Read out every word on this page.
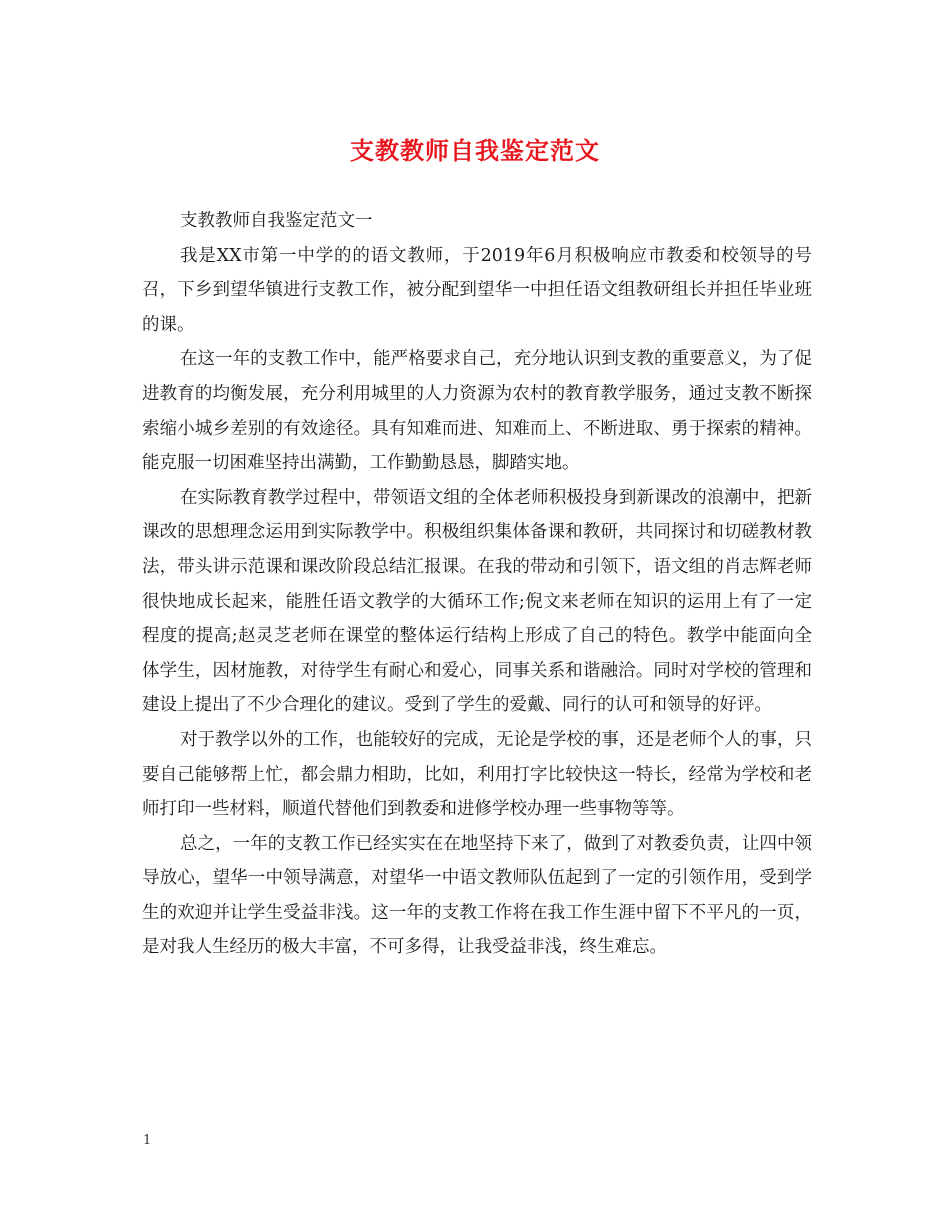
支教教师自我鉴定范文

支教教师自我鉴定范文一

我是XX市第一中学的的语文教师，于2019年6月积极响应市教委和校领导的号召，下乡到望华镇进行支教工作，被分配到望华一中担任语文组教研组长并担任毕业班的课。

在这一年的支教工作中，能严格要求自己，充分地认识到支教的重要意义，为了促进教育的均衡发展，充分利用城里的人力资源为农村的教育教学服务，通过支教不断探索缩小城乡差别的有效途径。具有知难而进、知难而上、不断进取、勇于探索的精神。能克服一切困难坚持出满勤，工作勤勤恳恳，脚踏实地。

在实际教育教学过程中，带领语文组的全体老师积极投身到新课改的浪潮中，把新课改的思想理念运用到实际教学中。积极组织集体备课和教研，共同探讨和切磋教材教法，带头讲示范课和课改阶段总结汇报课。在我的带动和引领下，语文组的肖志辉老师很快地成长起来，能胜任语文教学的大循环工作;倪文来老师在知识的运用上有了一定程度的提高;赵灵芝老师在课堂的整体运行结构上形成了自己的特色。教学中能面向全体学生，因材施教，对待学生有耐心和爱心，同事关系和谐融洽。同时对学校的管理和建设上提出了不少合理化的建议。受到了学生的爱戴、同行的认可和领导的好评。

对于教学以外的工作，也能较好的完成，无论是学校的事，还是老师个人的事，只要自己能够帮上忙，都会鼎力相助，比如，利用打字比较快这一特长，经常为学校和老师打印一些材料，顺道代替他们到教委和进修学校办理一些事物等等。

总之，一年的支教工作已经实实在在地坚持下来了，做到了对教委负责，让四中领导放心，望华一中领导满意，对望华一中语文教师队伍起到了一定的引领作用，受到学生的欢迎并让学生受益非浅。这一年的支教工作将在我工作生涯中留下不平凡的一页，是对我人生经历的极大丰富，不可多得，让我受益非浅，终生难忘。

1
